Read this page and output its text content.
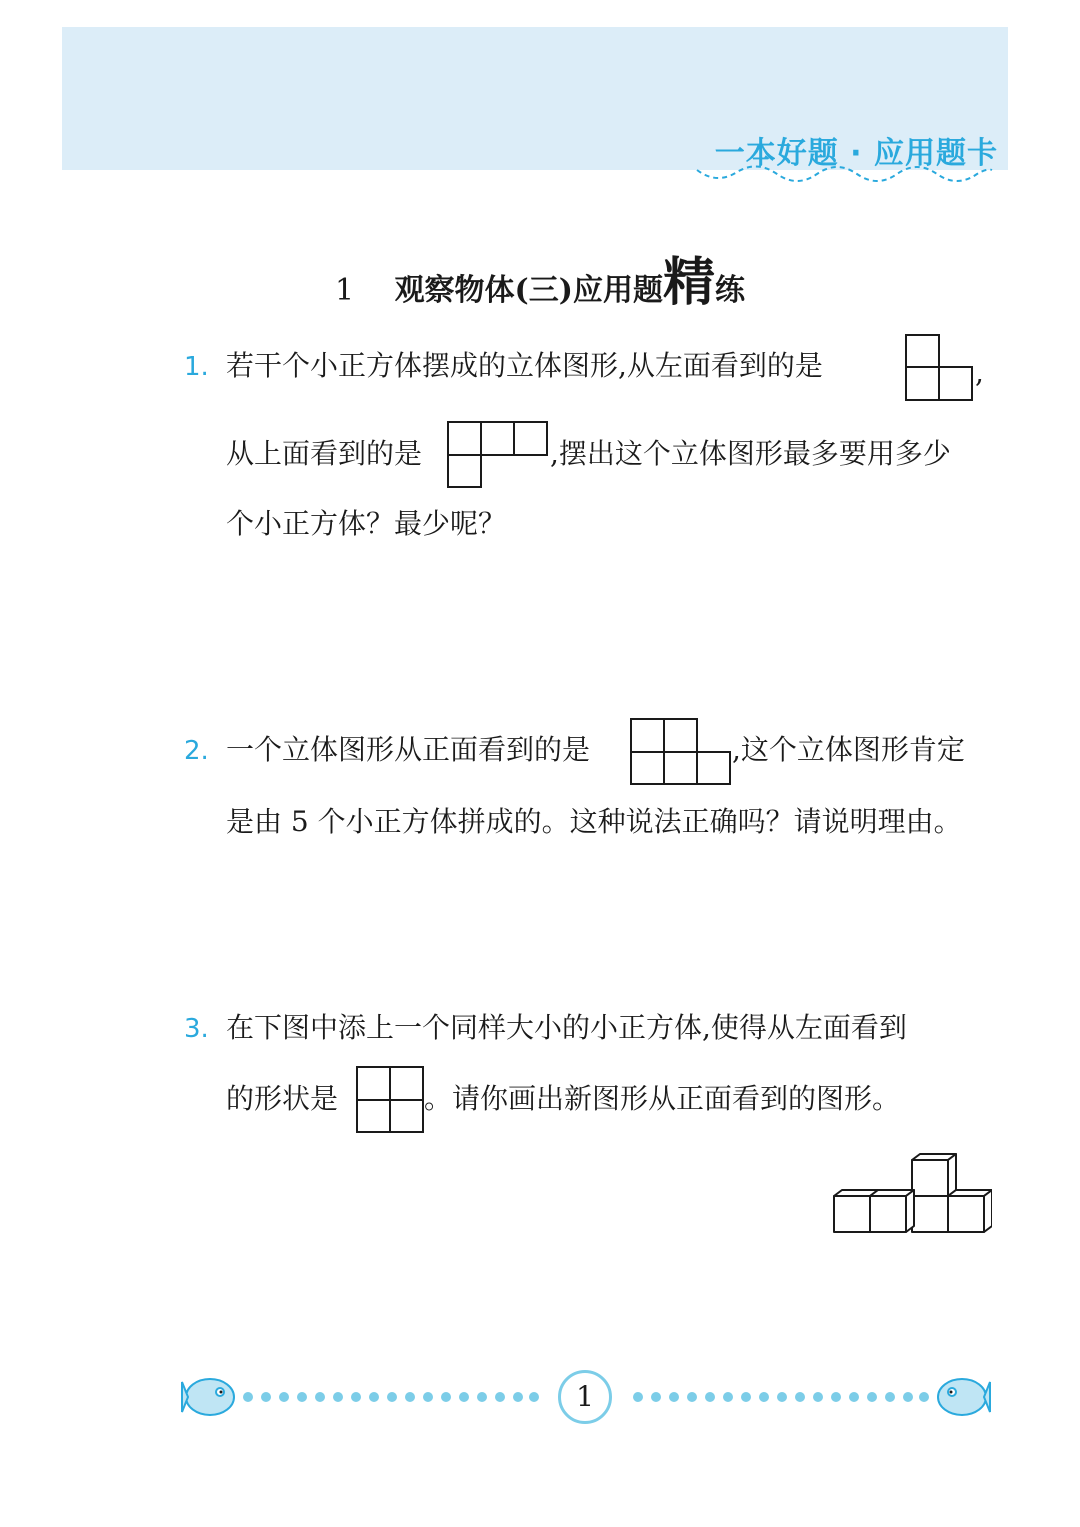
一本好题 · 应用题卡
1 观察物体(三)应用题精练
1. 若干个小正方体摆成的立体图形,从左面看到的是	,
从上面看到的是	,摆出这个立体图形最多要用多少
个小正方体？最少呢？
2. 一个立体图形从正面看到的是	,这个立体图形肯定
是由 5 个小正方体拼成的。这种说法正确吗？请说明理由。
3. 在下图中添上一个同样大小的小正方体,使得从左面看到
的形状是	。请你画出新图形从正面看到的图形。
1
